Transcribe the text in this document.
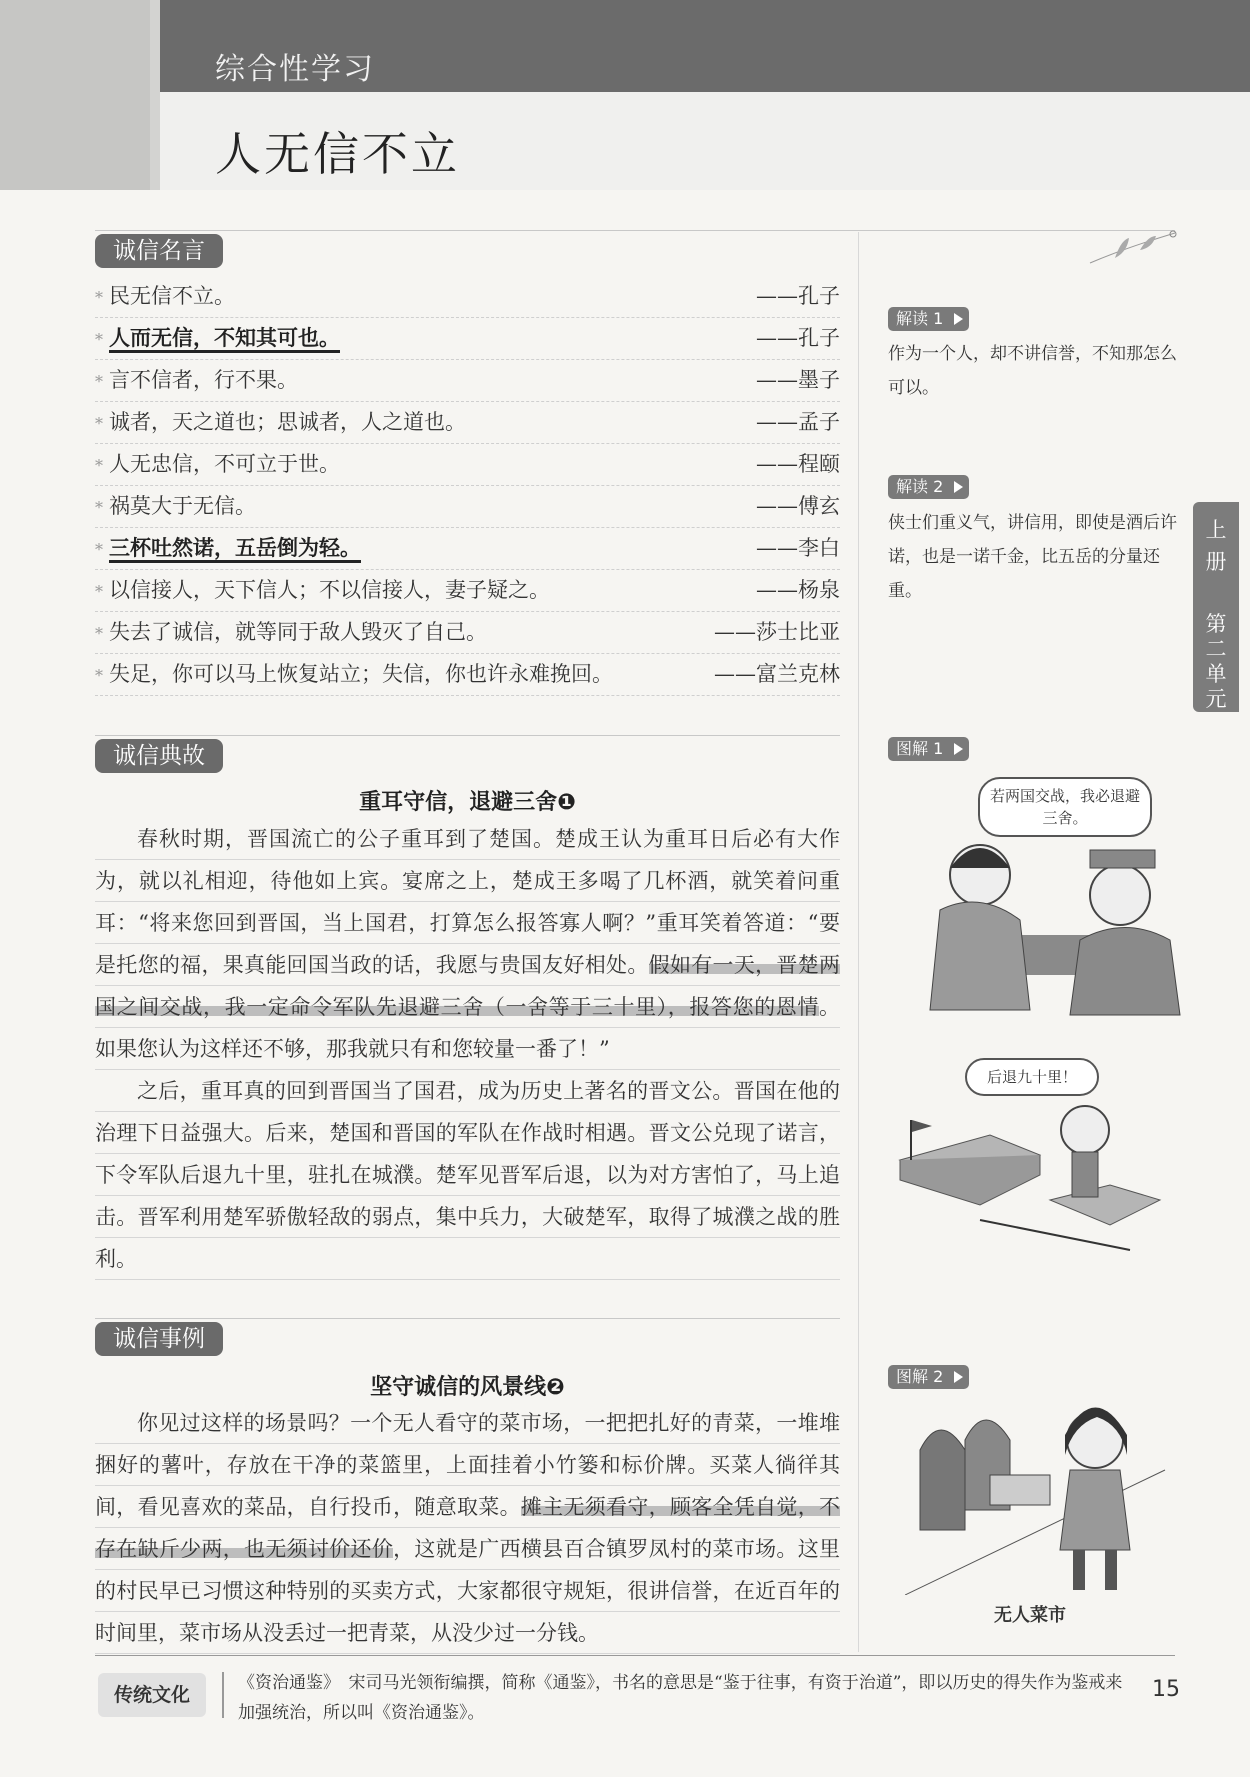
综合性学习
人无信不立
诚信名言
* 民无信不立。	——孔子
* 人而无信，不知其可也。	——孔子
* 言不信者，行不果。	——墨子
* 诚者，天之道也；思诚者，人之道也。	——孟子
* 人无忠信，不可立于世。	——程颐
* 祸莫大于无信。	——傅玄
* 三杯吐然诺，五岳倒为轻。	——李白
* 以信接人，天下信人；不以信接人，妻子疑之。	——杨泉
* 失去了诚信，就等同于敌人毁灭了自己。	——莎士比亚
* 失足，你可以马上恢复站立；失信，你也许永难挽回。	——富兰克林
诚信典故
重耳守信，退避三舍❶

春秋时期，晋国流亡的公子重耳到了楚国。楚成王认为重耳日后必有大作为，就以礼相迎，待他如上宾。宴席之上，楚成王多喝了几杯酒，就笑着问重耳：“将来您回到晋国，当上国君，打算怎么报答寡人啊？”重耳笑着答道：“要是托您的福，果真能回国当政的话，我愿与贵国友好相处。假如有一天，晋楚两国之间交战，我一定命令军队先退避三舍（一舍等于三十里），报答您的恩情。如果您认为这样还不够，那我就只有和您较量一番了！”

之后，重耳真的回到晋国当了国君，成为历史上著名的晋文公。晋国在他的治理下日益强大。后来，楚国和晋国的军队在作战时相遇。晋文公兑现了诺言，下令军队后退九十里，驻扎在城濮。楚军见晋军后退，以为对方害怕了，马上追击。晋军利用楚军骄傲轻敌的弱点，集中兵力，大破楚军，取得了城濮之战的胜利。

诚信事例
坚守诚信的风景线❷

你见过这样的场景吗？一个无人看守的菜市场，一把把扎好的青菜，一堆堆捆好的薯叶，存放在干净的菜篮里，上面挂着小竹篓和标价牌。买菜人徜徉其间，看见喜欢的菜品，自行投币，随意取菜。摊主无须看守，顾客全凭自觉，不存在缺斤少两，也无须讨价还价，这就是广西横县百合镇罗凤村的菜市场。这里的村民早已习惯这种特别的买卖方式，大家都很守规矩，很讲信誉，在近百年的时间里，菜市场从没丢过一把青菜，从没少过一分钱。

解读 1
作为一个人，却不讲信誉，不知那怎么可以。
解读 2
侠士们重义气，讲信用，即使是酒后许诺，也是一诺千金，比五岳的分量还重。
图解 1
若两国交战，我必退避三舍。
后退九十里！
图解 2
无人菜市
上
册
第
二
单
元
传统文化
《资治通鉴》　宋司马光领衔编撰，简称《通鉴》，书名的意思是“鉴于往事，有资于治道”，即以历史的得失作为鉴戒来加强统治，所以叫《资治通鉴》。
15
